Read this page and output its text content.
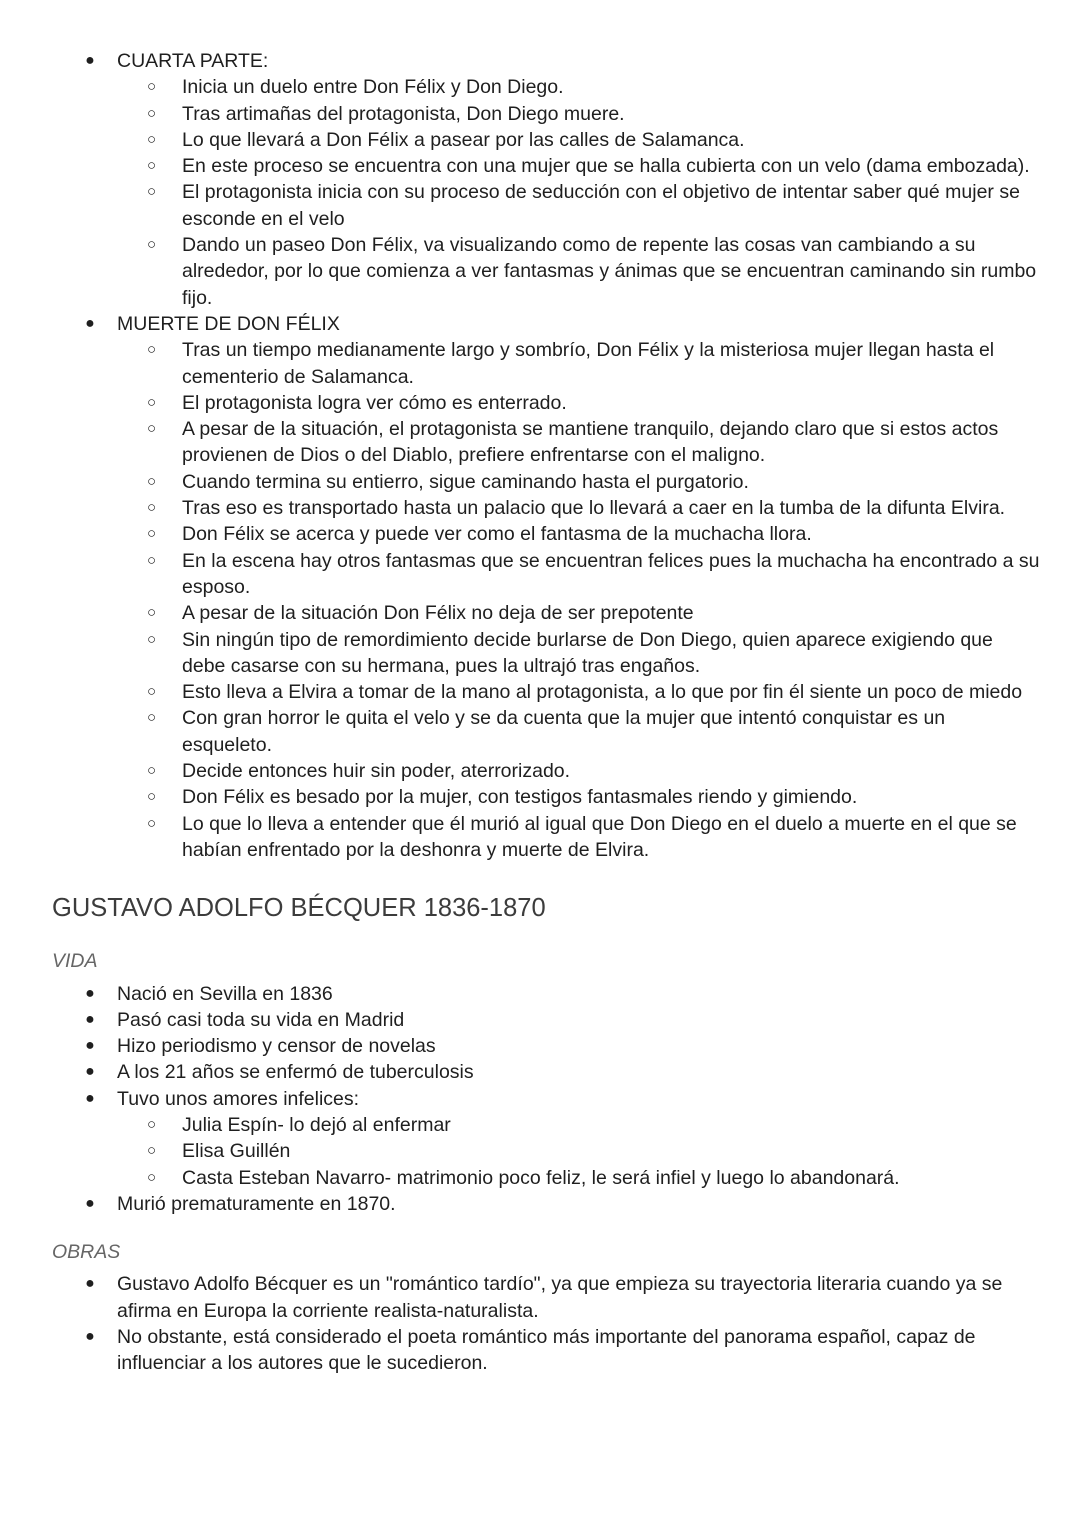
● CUARTA PARTE:
○ Inicia un duelo entre Don Félix y Don Diego.
○ Tras artimañas del protagonista, Don Diego muere.
○ Lo que llevará a Don Félix a pasear por las calles de Salamanca.
○ En este proceso se encuentra con una mujer que se halla cubierta con un velo (dama embozada).
○ El protagonista inicia con su proceso de seducción con el objetivo de intentar saber qué mujer se esconde en el velo
○ Dando un paseo Don Félix, va visualizando como de repente las cosas van cambiando a su alrededor, por lo que comienza a ver fantasmas y ánimas que se encuentran caminando sin rumbo fijo.
● MUERTE DE DON FÉLIX
○ Tras un tiempo medianamente largo y sombrío, Don Félix y la misteriosa mujer llegan hasta el cementerio de Salamanca.
○ El protagonista logra ver cómo es enterrado.
○ A pesar de la situación, el protagonista se mantiene tranquilo, dejando claro que si estos actos provienen de Dios o del Diablo, prefiere enfrentarse con el maligno.
○ Cuando termina su entierro, sigue caminando hasta el purgatorio.
○ Tras eso es transportado hasta un palacio que lo llevará a caer en la tumba de la difunta Elvira.
○ Don Félix se acerca y puede ver como el fantasma de la muchacha llora.
○ En la escena hay otros fantasmas que se encuentran felices pues la muchacha ha encontrado a su esposo.
○ A pesar de la situación Don Félix no deja de ser prepotente
○ Sin ningún tipo de remordimiento decide burlarse de Don Diego, quien aparece exigiendo que debe casarse con su hermana, pues la ultrajó tras engaños.
○ Esto lleva a Elvira a tomar de la mano al protagonista, a lo que por fin él siente un poco de miedo
○ Con gran horror le quita el velo y se da cuenta que la mujer que intentó conquistar es un esqueleto.
○ Decide entonces huir sin poder, aterrorizado.
○ Don Félix es besado por la mujer, con testigos fantasmales riendo y gimiendo.
○ Lo que lo lleva a entender que él murió al igual que Don Diego en el duelo a muerte en el que se habían enfrentado por la deshonra y muerte de Elvira.
GUSTAVO ADOLFO BÉCQUER 1836-1870
VIDA
● Nació en Sevilla en 1836
● Pasó casi toda su vida en Madrid
● Hizo periodismo y censor de novelas
● A los 21 años se enfermó de tuberculosis
● Tuvo unos amores infelices:
○ Julia Espín- lo dejó al enfermar
○ Elisa Guillén
○ Casta Esteban Navarro- matrimonio poco feliz, le será infiel y luego lo abandonará.
● Murió prematuramente en 1870.
OBRAS
● Gustavo Adolfo Bécquer es un "romántico tardío", ya que empieza su trayectoria literaria cuando ya se afirma en Europa la corriente realista-naturalista.
● No obstante, está considerado el poeta romántico más importante del panorama español, capaz de influenciar a los autores que le sucedieron.
